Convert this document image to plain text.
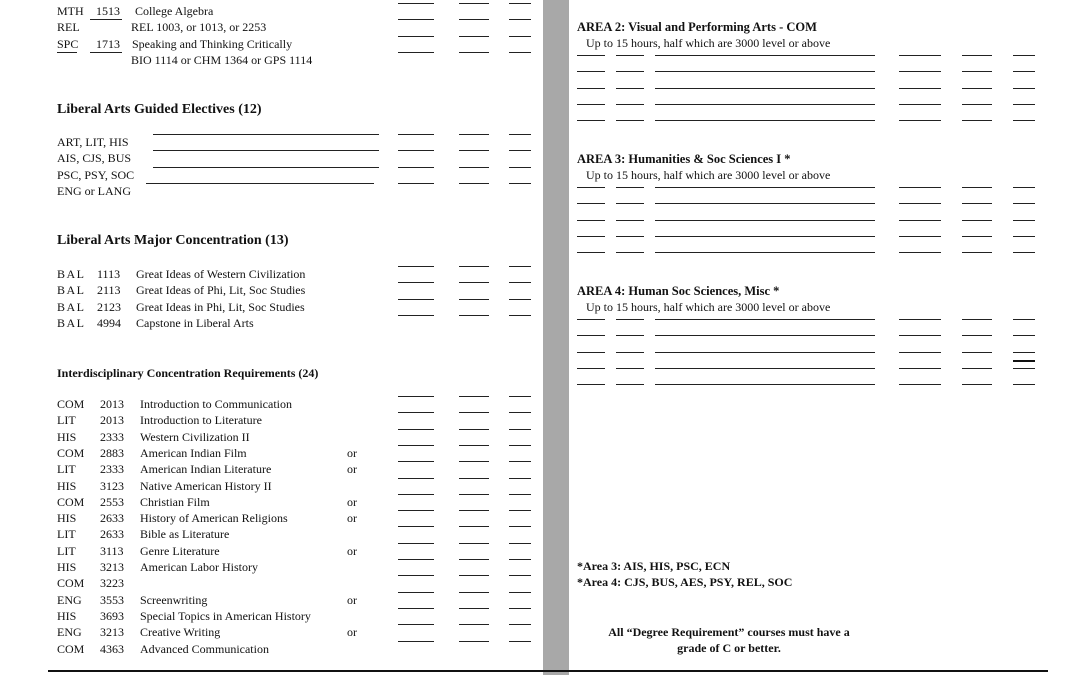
MTH 1513 College Algebra
REL	REL 1003, or 1013, or 2253
SPC 1713 Speaking and Thinking Critically
BIO 1114 or CHM 1364 or GPS 1114
Liberal Arts Guided Electives (12)
ART, LIT, HIS
AIS, CJS, BUS
PSC, PSY, SOC
ENG or LANG
Liberal Arts Major Concentration (13)
BAL 1113 Great Ideas of Western Civilization
BAL 2113 Great Ideas of Phi, Lit, Soc Studies
BAL 2123 Great Ideas in Phi, Lit, Soc Studies
BAL 4994 Capstone in Liberal Arts
Interdisciplinary Concentration Requirements (24)
COM 2013 Introduction to Communication
LIT 2013 Introduction to Literature
HIS 2333 Western Civilization II
COM 2883 American Indian Film	or
LIT 2333 American Indian Literature	or
HIS 3123 Native American History II
COM 2553 Christian Film	or
HIS 2633 History of American Religions	or
LIT 2633 Bible as Literature
LIT 3113 Genre Literature	or
HIS 3213 American Labor History
COM 3223
ENG 3553 Screenwriting	or
HIS 3693 Special Topics in American History
ENG 3213 Creative Writing	or
COM 4363 Advanced Communication
AREA 2: Visual and Performing Arts - COM
Up to 15 hours, half which are 3000 level or above
AREA 3: Humanities & Soc Sciences I *
Up to 15 hours, half which are 3000 level or above
AREA 4: Human Soc Sciences, Misc *
Up to 15 hours, half which are 3000 level or above
*Area 3: AIS, HIS, PSC, ECN
*Area 4: CJS, BUS, AES, PSY, REL, SOC
All “Degree Requirement” courses must have a
grade of C or better.
